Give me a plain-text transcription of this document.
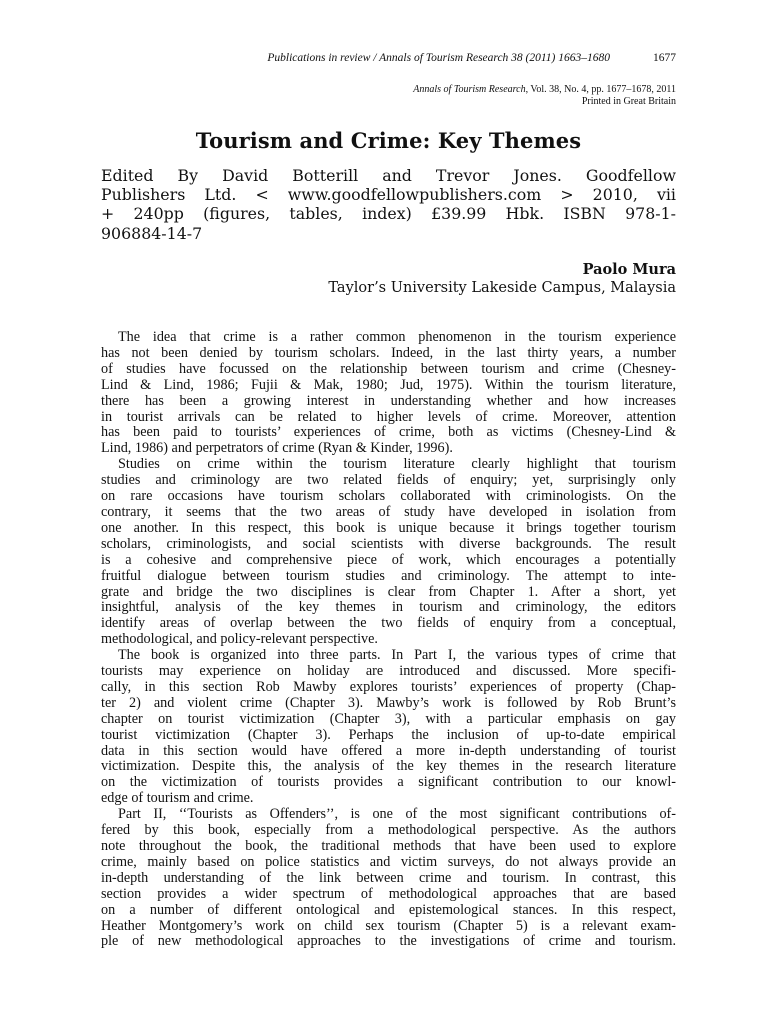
Publications in review / Annals of Tourism Research 38 (2011) 1663–1680	1677
Annals of Tourism Research, Vol. 38, No. 4, pp. 1677–1678, 2011
Printed in Great Britain
Tourism and Crime: Key Themes
Edited By David Botterill and Trevor Jones. Goodfellow
Publishers Ltd. < www.goodfellowpublishers.com > 2010, vii
+ 240pp (figures, tables, index) £39.99 Hbk. ISBN 978-1-
906884-14-7
Paolo Mura
Taylor’s University Lakeside Campus, Malaysia
The idea that crime is a rather common phenomenon in the tourism experience
has not been denied by tourism scholars. Indeed, in the last thirty years, a number
of studies have focussed on the relationship between tourism and crime (Chesney-
Lind & Lind, 1986; Fujii & Mak, 1980; Jud, 1975). Within the tourism literature,
there has been a growing interest in understanding whether and how increases
in tourist arrivals can be related to higher levels of crime. Moreover, attention
has been paid to tourists’ experiences of crime, both as victims (Chesney-Lind &
Lind, 1986) and perpetrators of crime (Ryan & Kinder, 1996).
Studies on crime within the tourism literature clearly highlight that tourism
studies and criminology are two related fields of enquiry; yet, surprisingly only
on rare occasions have tourism scholars collaborated with criminologists. On the
contrary, it seems that the two areas of study have developed in isolation from
one another. In this respect, this book is unique because it brings together tourism
scholars, criminologists, and social scientists with diverse backgrounds. The result
is a cohesive and comprehensive piece of work, which encourages a potentially
fruitful dialogue between tourism studies and criminology. The attempt to inte-
grate and bridge the two disciplines is clear from Chapter 1. After a short, yet
insightful, analysis of the key themes in tourism and criminology, the editors
identify areas of overlap between the two fields of enquiry from a conceptual,
methodological, and policy-relevant perspective.
The book is organized into three parts. In Part I, the various types of crime that
tourists may experience on holiday are introduced and discussed. More specifi-
cally, in this section Rob Mawby explores tourists’ experiences of property (Chap-
ter 2) and violent crime (Chapter 3). Mawby’s work is followed by Rob Brunt’s
chapter on tourist victimization (Chapter 3), with a particular emphasis on gay
tourist victimization (Chapter 3). Perhaps the inclusion of up-to-date empirical
data in this section would have offered a more in-depth understanding of tourist
victimization. Despite this, the analysis of the key themes in the research literature
on the victimization of tourists provides a significant contribution to our knowl-
edge of tourism and crime.
Part II, ‘‘Tourists as Offenders’’, is one of the most significant contributions of-
fered by this book, especially from a methodological perspective. As the authors
note throughout the book, the traditional methods that have been used to explore
crime, mainly based on police statistics and victim surveys, do not always provide an
in-depth understanding of the link between crime and tourism. In contrast, this
section provides a wider spectrum of methodological approaches that are based
on a number of different ontological and epistemological stances. In this respect,
Heather Montgomery’s work on child sex tourism (Chapter 5) is a relevant exam-
ple of new methodological approaches to the investigations of crime and tourism.
